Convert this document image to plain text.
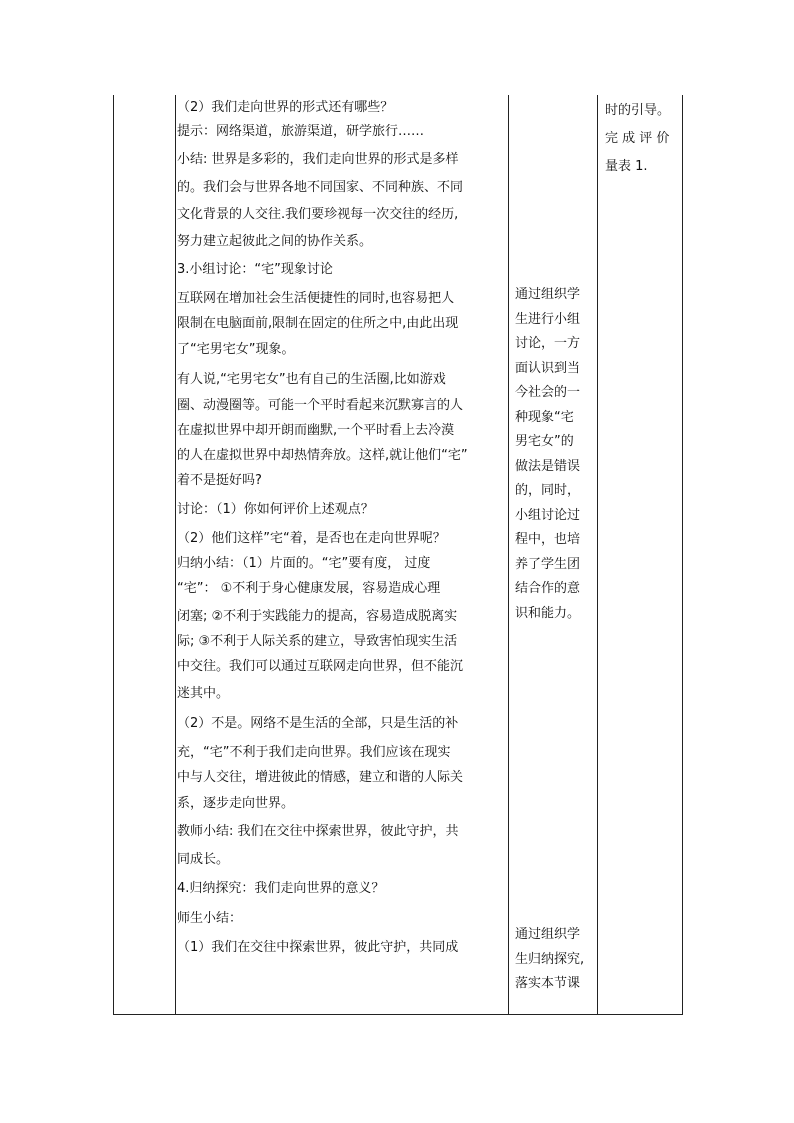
（2）我们走向世界的形式还有哪些？

提示：网络渠道，旅游渠道，研学旅行……

小结: 世界是多彩的，我们走向世界的形式是多样

的。我们会与世界各地不同国家、不同种族、不同

文化背景的人交往.我们要珍视每一次交往的经历,

努力建立起彼此之间的协作关系。

3.小组讨论：“宅”现象讨论

互联网在增加社会生活便捷性的同时,也容易把人

限制在电脑面前,限制在固定的住所之中,由此出现

了“宅男宅女”现象。

有人说,“宅男宅女”也有自己的生活圈,比如游戏

圈、动漫圈等。可能一个平时看起来沉默寡言的人

在虚拟世界中却开朗而幽默,一个平时看上去冷漠

的人在虚拟世界中却热情奔放。这样,就让他们“宅”

着不是挺好吗?

讨论：（1）你如何评价上述观点？

（2）他们这样”宅“着，是否也在走向世界呢？

归纳小结：（1）片面的。“宅”要有度， 过度

“宅”： ①不利于身心健康发展，容易造成心理

闭塞; ②不利于实践能力的提高，容易造成脱离实

际; ③不利于人际关系的建立，导致害怕现实生活

中交往。我们可以通过互联网走向世界，但不能沉

迷其中。

（2）不是。网络不是生活的全部，只是生活的补

充，“宅”不利于我们走向世界。我们应该在现实

中与人交往，增进彼此的情感，建立和谐的人际关

系，逐步走向世界。

教师小结: 我们在交往中探索世界，彼此守护，共

同成长。

4.归纳探究：我们走向世界的意义？

师生小结：

（1）我们在交往中探索世界，彼此守护，共同成

通过组织学

生进行小组

讨论，一方

面认识到当

今社会的一

种现象“宅

男宅女”的

做法是错误

的，同时，

小组讨论过

程中，也培

养了学生团

结合作的意

识和能力。

通过组织学

生归纳探究,

落实本节课

时的引导。

完 成 评 价

量表 1.
